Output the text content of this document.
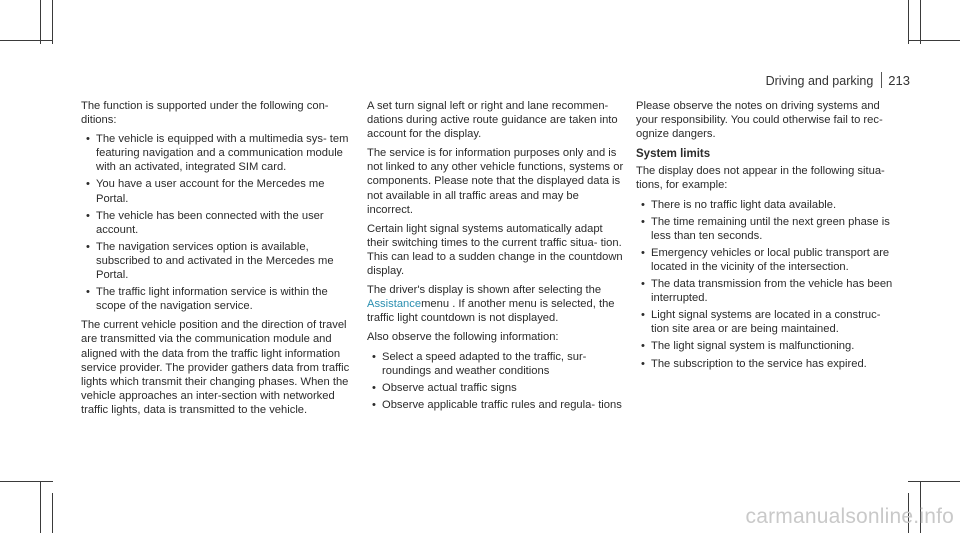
Driving and parking 213

The function is supported under the following con- ditions:

• The vehicle is equipped with a multimedia sys- tem featuring navigation and a communication module with an activated, integrated SIM card.
• You have a user account for the Mercedes me Portal.
• The vehicle has been connected with the user account.
• The navigation services option is available, subscribed to and activated in the Mercedes me Portal.
• The traffic light information service is within the scope of the navigation service.

The current vehicle position and the direction of travel are transmitted via the communication module and aligned with the data from the traffic light information service provider. The provider gathers data from traffic lights which transmit their changing phases. When the vehicle approaches an inter-section with networked traffic lights, data is transmitted to the vehicle.

A set turn signal left or right and lane recommen- dations during active route guidance are taken into account for the display.

The service is for information purposes only and is not linked to any other vehicle functions, systems or components. Please note that the displayed data is not available in all traffic areas and may be incorrect.

Certain light signal systems automatically adapt their switching times to the current traffic situa- tion. This can lead to a sudden change in the countdown display.

The driver's display is shown after selecting the Assistancemenu . If another menu is selected, the traffic light countdown is not displayed.

Also observe the following information:

• Select a speed adapted to the traffic, sur- roundings and weather conditions
• Observe actual traffic signs
• Observe applicable traffic rules and regula- tions

Please observe the notes on driving systems and your responsibility. You could otherwise fail to rec- ognize dangers.

System limits

The display does not appear in the following situa- tions, for example:

• There is no traffic light data available.
• The time remaining until the next green phase is less than ten seconds.
• Emergency vehicles or local public transport are located in the vicinity of the intersection.
• The data transmission from the vehicle has been interrupted.
• Light signal systems are located in a construc- tion site area or are being maintained.
• The light signal system is malfunctioning.
• The subscription to the service has expired.
carmanualsonline.info
